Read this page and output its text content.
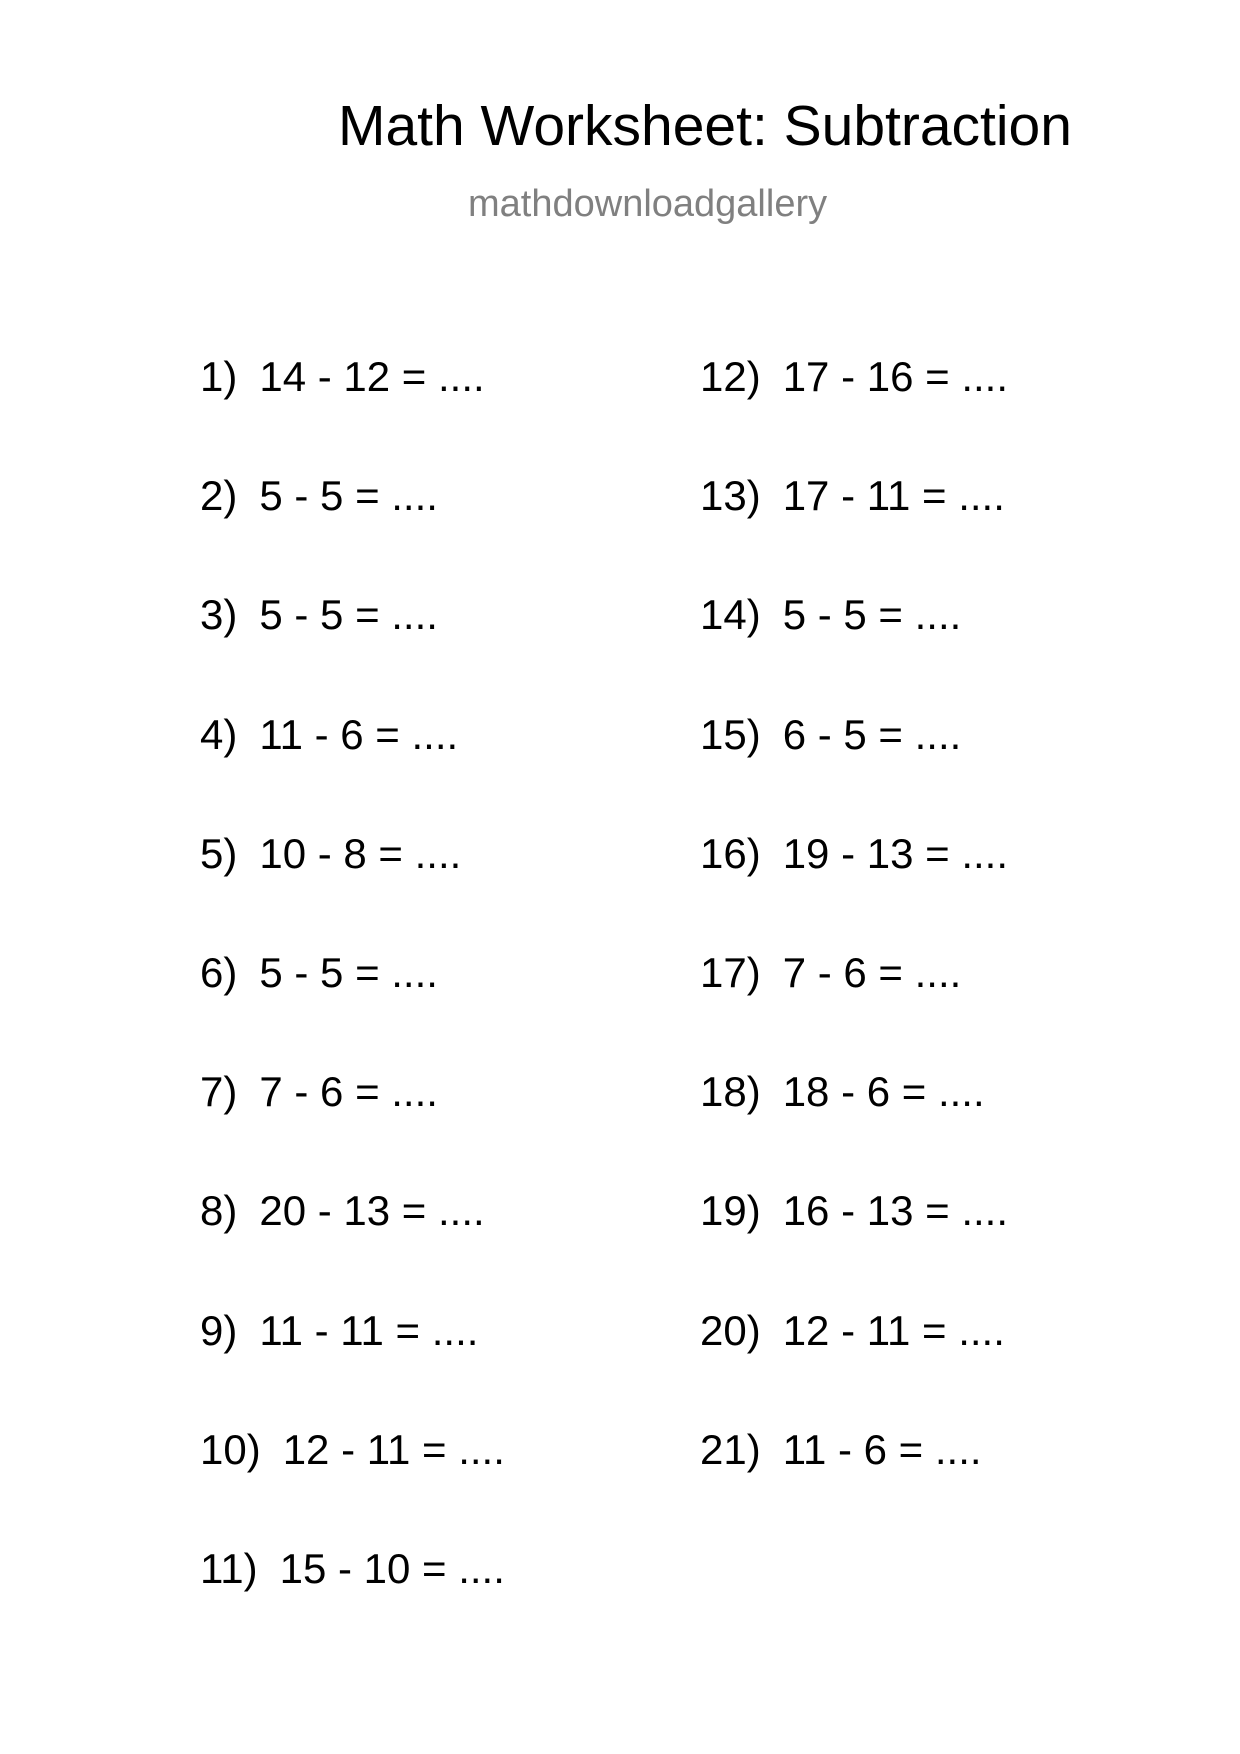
Math Worksheet: Subtraction
mathdownloadgallery
1) 14 - 12 = ....
2) 5 - 5 = ....
3) 5 - 5 = ....
4) 11 - 6 = ....
5) 10 - 8 = ....
6) 5 - 5 = ....
7) 7 - 6 = ....
8) 20 - 13 = ....
9) 11 - 11 = ....
10) 12 - 11 = ....
11) 15 - 10 = ....
12) 17 - 16 = ....
13) 17 - 11 = ....
14) 5 - 5 = ....
15) 6 - 5 = ....
16) 19 - 13 = ....
17) 7 - 6 = ....
18) 18 - 6 = ....
19) 16 - 13 = ....
20) 12 - 11 = ....
21) 11 - 6 = ....
